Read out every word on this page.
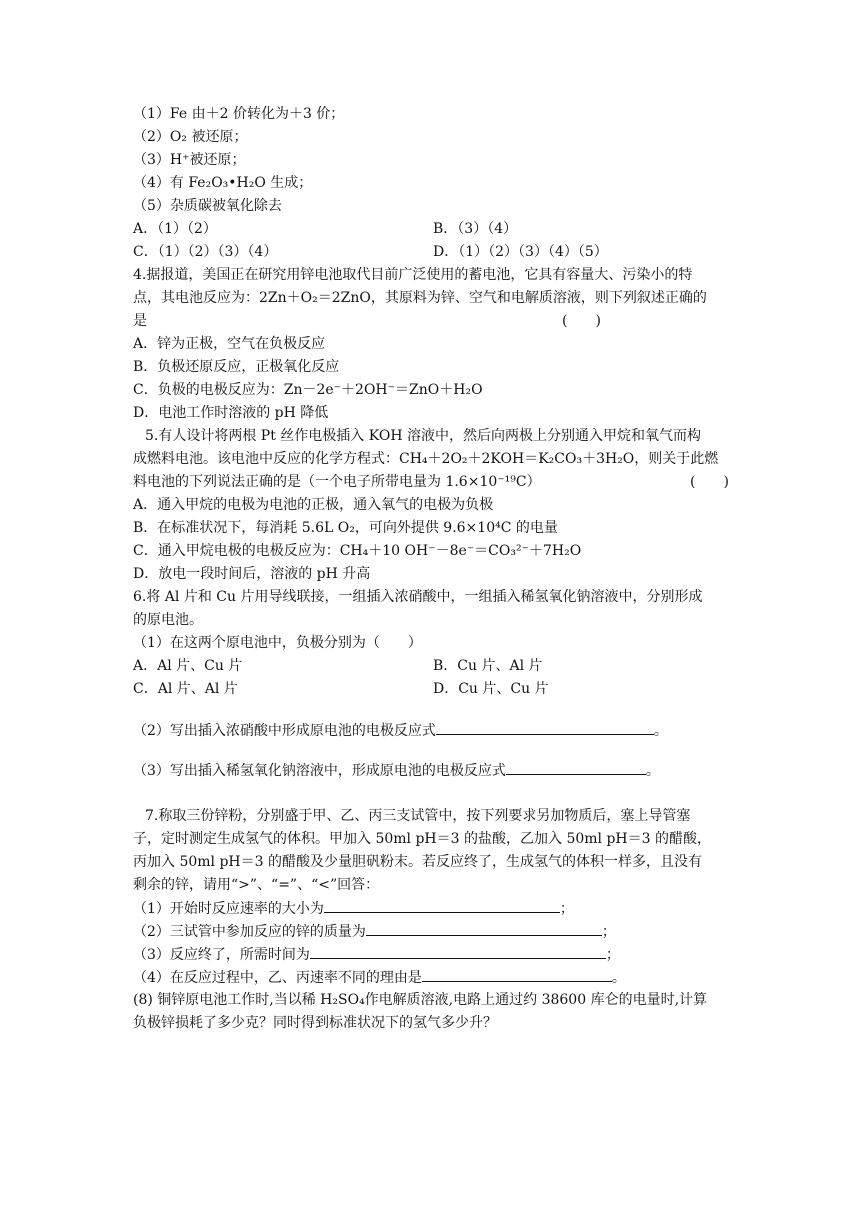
（1）Fe 由＋2 价转化为＋3 价；
（2）O₂ 被还原；
（3）H⁺被还原；
（4）有 Fe₂O₃•H₂O 生成；
（5）杂质碳被氧化除去
A．（1）（2）	B．（3）（4）
C．（1）（2）（3）（4）	D．（1）（2）（3）（4）（5）
4.据报道，美国正在研究用锌电池取代目前广泛使用的蓄电池，它具有容量大、污染小的特
点，其电池反应为：2Zn＋O₂＝2ZnO，其原料为锌、空气和电解质溶液，则下列叙述正确的
是	(　　)
A．锌为正极，空气在负极反应
B．负极还原反应，正极氧化反应
C．负极的电极反应为：Zn－2e⁻＋2OH⁻＝ZnO＋H₂O
D．电池工作时溶液的 pH 降低
5.有人设计将两根 Pt 丝作电极插入 KOH 溶液中，然后向两极上分别通入甲烷和氧气而构
成燃料电池。该电池中反应的化学方程式：CH₄＋2O₂＋2KOH＝K₂CO₃＋3H₂O，则关于此燃
料电池的下列说法正确的是（一个电子所带电量为 1.6×10⁻¹⁹C）	(　　)
A．通入甲烷的电极为电池的正极，通入氧气的电极为负极
B．在标准状况下，每消耗 5.6L O₂，可向外提供 9.6×10⁴C 的电量
C．通入甲烷电极的电极反应为：CH₄＋10 OH⁻－8e⁻＝CO₃²⁻＋7H₂O
D．放电一段时间后，溶液的 pH 升高
6.将 Al 片和 Cu 片用导线联接，一组插入浓硝酸中，一组插入稀氢氧化钠溶液中，分别形成
的原电池。
（1）在这两个原电池中，负极分别为（　　）
A．Al 片、Cu 片	B．Cu 片、Al 片
C．Al 片、Al 片	D．Cu 片、Cu 片
（2）写出插入浓硝酸中形成原电池的电极反应式	。
（3）写出插入稀氢氧化钠溶液中，形成原电池的电极反应式	。
7.称取三份锌粉，分别盛于甲、乙、丙三支试管中，按下列要求另加物质后，塞上导管塞
子，定时测定生成氢气的体积。甲加入 50ml pH＝3 的盐酸，乙加入 50ml pH＝3 的醋酸，
丙加入 50ml pH＝3 的醋酸及少量胆矾粉末。若反应终了，生成氢气的体积一样多，且没有
剩余的锌，请用“>”、“=”、“<”回答：
（1）开始时反应速率的大小为	；
（2）三试管中参加反应的锌的质量为	；
（3）反应终了，所需时间为	；
（4）在反应过程中，乙、丙速率不同的理由是	。
(8) 铜锌原电池工作时,当以稀 H₂SO₄作电解质溶液,电路上通过约 38600 库仑的电量时,计算
负极锌损耗了多少克？同时得到标准状况下的氢气多少升？
